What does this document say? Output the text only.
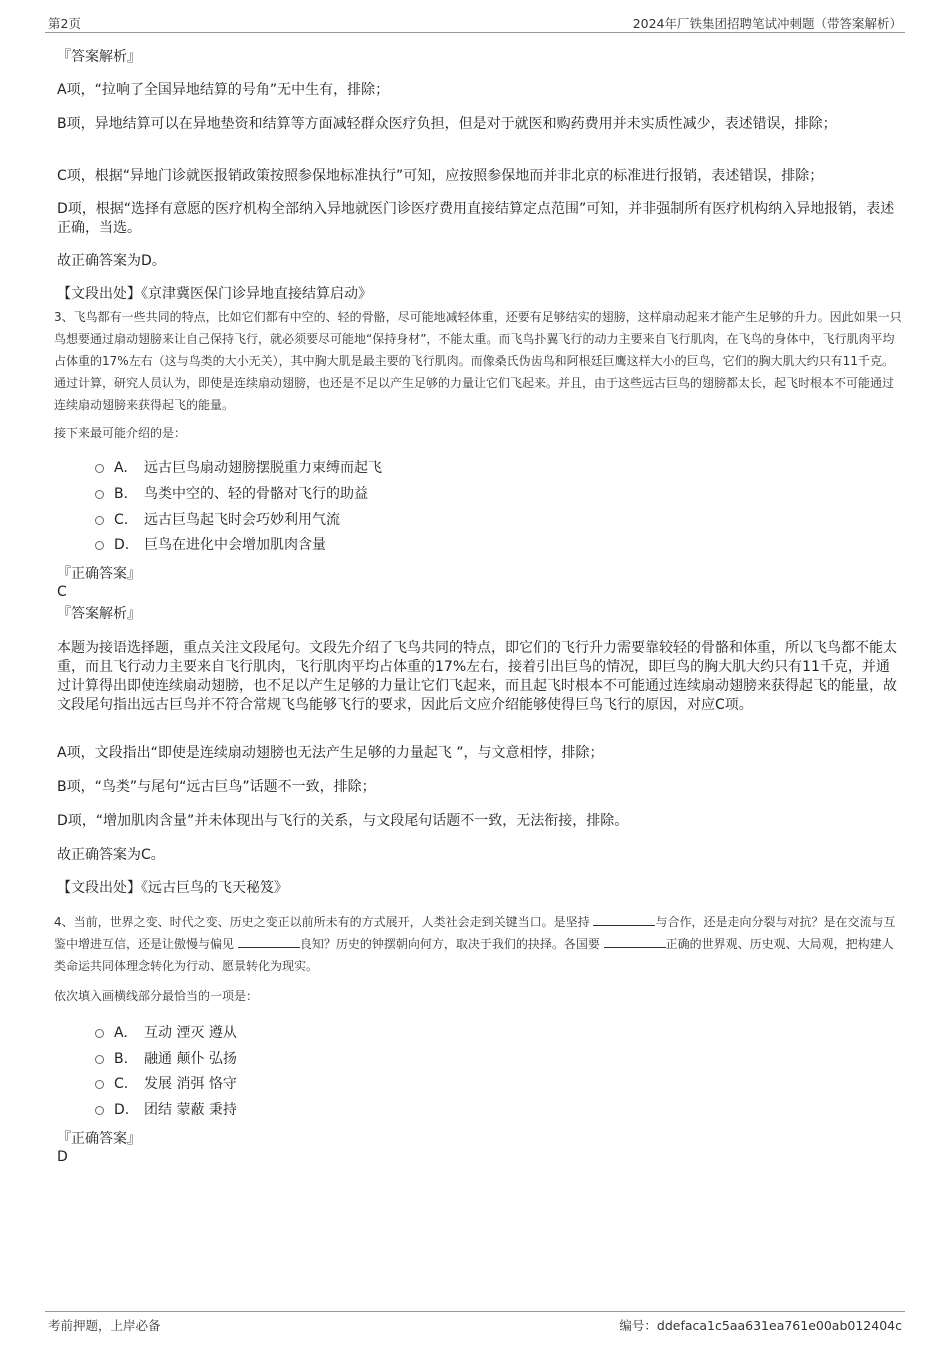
第2页	2024年厂铁集团招聘笔试冲刺题（带答案解析）
『答案解析』
A项，“拉响了全国异地结算的号角”无中生有，排除；
B项，异地结算可以在异地垫资和结算等方面减轻群众医疗负担，但是对于就医和购药费用并未实质性减少，表述错误，排除；
C项，根据“异地门诊就医报销政策按照参保地标准执行”可知，应按照参保地而并非北京的标准进行报销，表述错误，排除；
D项，根据“选择有意愿的医疗机构全部纳入异地就医门诊医疗费用直接结算定点范围”可知，并非强制所有医疗机构纳入异地报销，表述正确，当选。
故正确答案为D。
【文段出处】《京津冀医保门诊异地直接结算启动》
3、飞鸟都有一些共同的特点，比如它们都有中空的、轻的骨骼，尽可能地减轻体重，还要有足够结实的翅膀，这样扇动起来才能产生足够的升力。因此如果一只鸟想要通过扇动翅膀来让自己保持飞行，就必须要尽可能地“保持身材”，不能太重。而飞鸟扑翼飞行的动力主要来自飞行肌肉，在飞鸟的身体中，飞行肌肉平均占体重的17%左右（这与鸟类的大小无关），其中胸大肌是最主要的飞行肌肉。而像桑氏伪齿鸟和阿根廷巨鹰这样大小的巨鸟，它们的胸大肌大约只有11千克。通过计算，研究人员认为，即使是连续扇动翅膀，也还是不足以产生足够的力量让它们飞起来。并且，由于这些远古巨鸟的翅膀都太长，起飞时根本不可能通过连续扇动翅膀来获得起飞的能量。
接下来最可能介绍的是：
A. 远古巨鸟扇动翅膀摆脱重力束缚而起飞
B. 鸟类中空的、轻的骨骼对飞行的助益
C. 远古巨鸟起飞时会巧妙利用气流
D. 巨鸟在进化中会增加肌肉含量
『正确答案』
C
『答案解析』
本题为接语选择题，重点关注文段尾句。文段先介绍了飞鸟共同的特点，即它们的飞行升力需要靠较轻的骨骼和体重，所以飞鸟都不能太重，而且飞行动力主要来自飞行肌肉，飞行肌肉平均占体重的17%左右，接着引出巨鸟的情况，即巨鸟的胸大肌大约只有11千克，并通过计算得出即使连续扇动翅膀，也不足以产生足够的力量让它们飞起来，而且起飞时根本不可能通过连续扇动翅膀来获得起飞的能量，故文段尾句指出远古巨鸟并不符合常规飞鸟能够飞行的要求，因此后文应介绍能够使得巨鸟飞行的原因，对应C项。
A项，文段指出“即使是连续扇动翅膀也无法产生足够的力量起飞 ”，与文意相悖，排除；
B项，“鸟类”与尾句“远古巨鸟”话题不一致，排除；
D项，“增加肌肉含量”并未体现出与飞行的关系，与文段尾句话题不一致，无法衔接，排除。
故正确答案为C。
【文段出处】《远古巨鸟的飞天秘笈》
4、当前，世界之变、时代之变、历史之变正以前所未有的方式展开，人类社会走到关键当口。是坚持	与合作，还是走向分裂与对抗？是在交流与互鉴中增进互信，还是让傲慢与偏见	良知？历史的钟摆朝向何方，取决于我们的抉择。各国要	正确的世界观、历史观、大局观，把构建人类命运共同体理念转化为行动、愿景转化为现实。
依次填入画横线部分最恰当的一项是：
A. 互动 湮灭 遵从
B. 融通 颠仆 弘扬
C. 发展 消弭 恪守
D. 团结 蒙蔽 秉持
『正确答案』
D
考前押题，上岸必备	编号：ddefaca1c5aa631ea761e00ab012404c
